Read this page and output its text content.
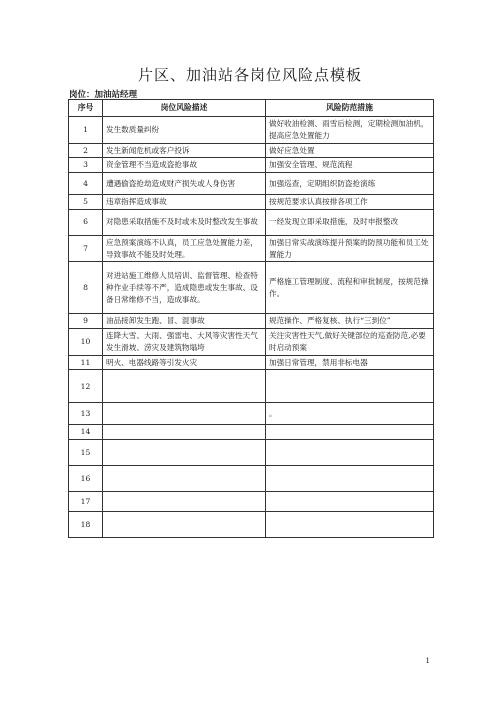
片区、加油站各岗位风险点模板
岗位：加油站经理
序号	岗位风险描述	风险防范措施
1	发生数质量纠纷	做好收油检测、雨雪后检测，定期检测加油机，提高应急处置能力
2	发生新闻危机或客户投诉	做好应急处置
3	资金管理不当造成盗抢事故	加强安全管理、规范流程
4	遭遇偷盗抢劫造成财产损失或人身伤害	加强巡查，定期组织防盗抢演练
5	违章指挥造成事故	按规范要求认真按排各项工作
6	对隐患采取措施不及时或未及时整改发生事故	一经发现立即采取措施，及时申报整改
7	应急预案演练不认真，员工应急处置能力差，导致事故不能及时处理。	加强日常实战演练提升预案的防预功能和员工处置能力
8	对进站施工维修人员培训、监督管理、检查特种作业手续等不严，造成隐患或发生事故、设备日常维修不当，造成事故。	严格施工管理制度、流程和审批制度，按规范操作。
9	油品接卸发生跑、冒、混事故	规范操作、严格复核、执行“三到位”
10	连降大雪、大雨、强雷电、大风等灾害性天气发生滑坡、涝灾及建筑物塌垮	关注灾害性天气,做好关键部位的巡查防范,必要时启动预案
11	明火、电器线路等引发火灾	加强日常管理，禁用非标电器
12		
13		。
14		
15		
16		
17		
18		
1
